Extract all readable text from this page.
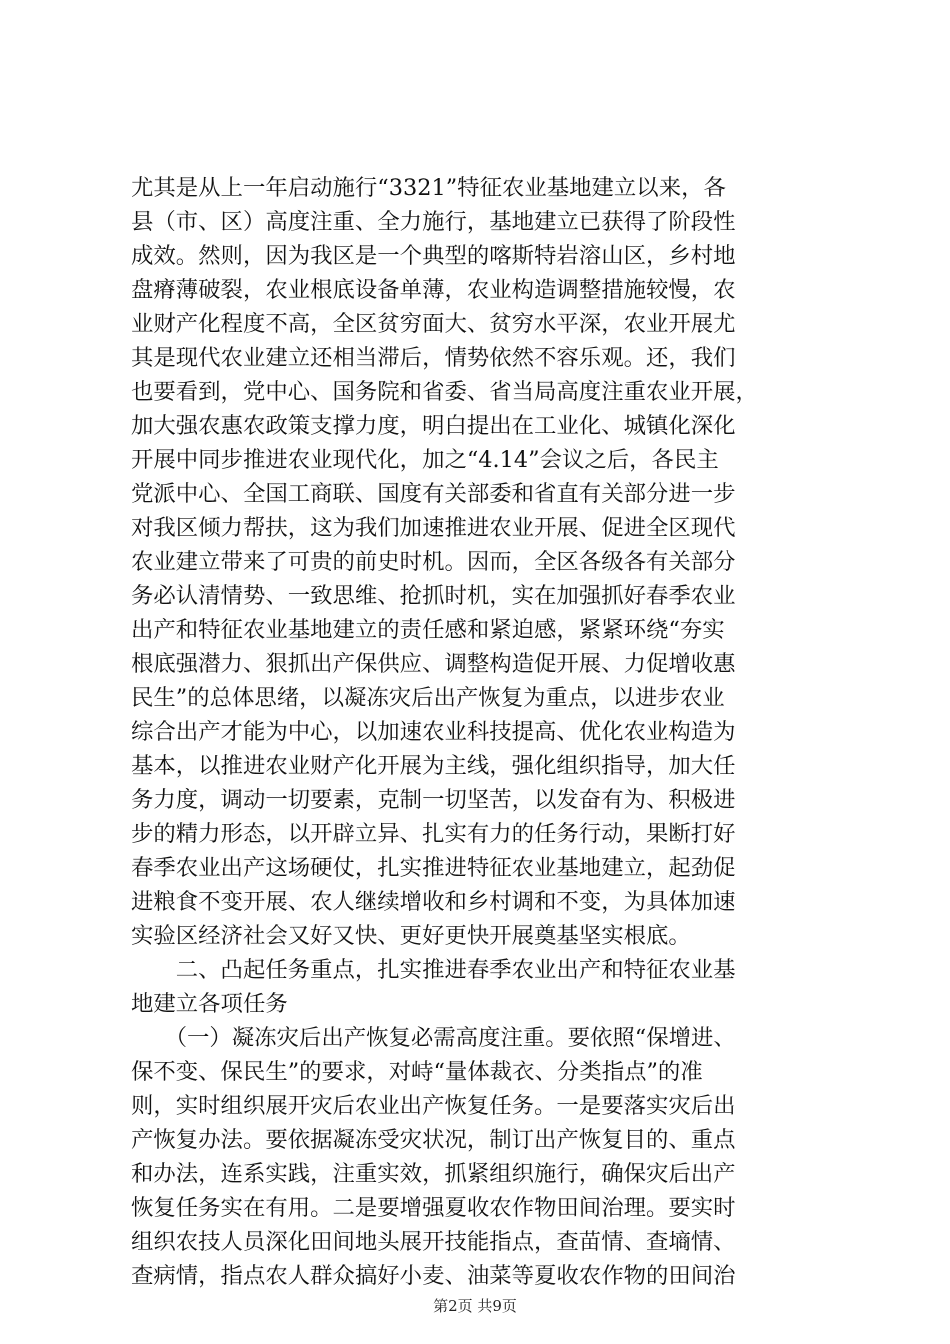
尤其是从上一年启动施行“3321”特征农业基地建立以来，各
县（市、区）高度注重、全力施行，基地建立已获得了阶段性
成效。然则，因为我区是一个典型的喀斯特岩溶山区，乡村地
盘瘠薄破裂，农业根底设备单薄，农业构造调整措施较慢，农
业财产化程度不高，全区贫穷面大、贫穷水平深，农业开展尤
其是现代农业建立还相当滞后，情势依然不容乐观。还，我们
也要看到，党中心、国务院和省委、省当局高度注重农业开展，
加大强农惠农政策支撑力度，明白提出在工业化、城镇化深化
开展中同步推进农业现代化，加之“4.14”会议之后，各民主
党派中心、全国工商联、国度有关部委和省直有关部分进一步
对我区倾力帮扶，这为我们加速推进农业开展、促进全区现代
农业建立带来了可贵的前史时机。因而，全区各级各有关部分
务必认清情势、一致思维、抢抓时机，实在加强抓好春季农业
出产和特征农业基地建立的责任感和紧迫感，紧紧环绕“夯实
根底强潜力、狠抓出产保供应、调整构造促开展、力促增收惠
民生”的总体思绪，以凝冻灾后出产恢复为重点，以进步农业
综合出产才能为中心，以加速农业科技提高、优化农业构造为
基本，以推进农业财产化开展为主线，强化组织指导，加大任
务力度，调动一切要素，克制一切坚苦，以发奋有为、积极进
步的精力形态，以开辟立异、扎实有力的任务行动，果断打好
春季农业出产这场硬仗，扎实推进特征农业基地建立，起劲促
进粮食不变开展、农人继续增收和乡村调和不变，为具体加速
实验区经济社会又好又快、更好更快开展奠基坚实根底。
　　二、凸起任务重点，扎实推进春季农业出产和特征农业基
地建立各项任务
　　（一）凝冻灾后出产恢复必需高度注重。要依照“保增进、
保不变、保民生”的要求，对峙“量体裁衣、分类指点”的准
则，实时组织展开灾后农业出产恢复任务。一是要落实灾后出
产恢复办法。要依据凝冻受灾状况，制订出产恢复目的、重点
和办法，连系实践，注重实效，抓紧组织施行，确保灾后出产
恢复任务实在有用。二是要增强夏收农作物田间治理。要实时
组织农技人员深化田间地头展开技能指点，查苗情、查墒情、
查病情，指点农人群众搞好小麦、油菜等夏收农作物的田间治
第2页 共9页
